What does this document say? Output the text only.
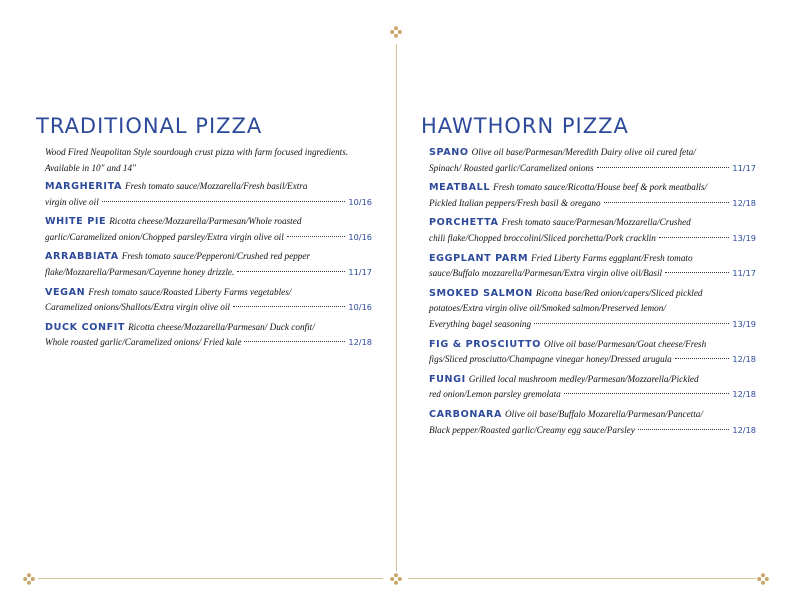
TRADITIONAL PIZZA

Wood Fired Neapolitan Style sourdough crust pizza with farm focused ingredients. Available in 10" and 14"

MARGHERITA Fresh tomato sauce/Mozzarella/Fresh basil/Extra
virgin olive oil	10/16
WHITE PIE Ricotta cheese/Mozzarella/Parmesan/Whole roasted
garlic/Caramelized onion/Chopped parsley/Extra virgin olive oil	10/16
ARRABBIATA Fresh tomato sauce/Pepperoni/Crushed red pepper
flake/Mozzarella/Parmesan/Cayenne honey drizzle.	11/17
VEGAN Fresh tomato sauce/Roasted Liberty Farms vegetables/
Caramelized onions/Shallots/Extra virgin olive oil	10/16
DUCK CONFIT Ricotta cheese/Mozzarella/Parmesan/ Duck confit/
Whole roasted garlic/Caramelized onions/ Fried kale	12/18
HAWTHORN PIZZA
SPANO Olive oil base/Parmesan/Meredith Dairy olive oil cured feta/
Spinach/ Roasted garlic/Caramelized onions	11/17
MEATBALL Fresh tomato sauce/Ricotta/House beef & pork meatballs/
Pickled Italian peppers/Fresh basil & oregano	12/18
PORCHETTA Fresh tomato sauce/Parmesan/Mozzarella/Crushed
chili flake/Chopped broccolini/Sliced porchetta/Pork cracklin	13/19
EGGPLANT PARM Fried Liberty Farms eggplant/Fresh tomato
sauce/Buffalo mozzarella/Parmesan/Extra virgin olive oil/Basil	11/17
SMOKED SALMON Ricotta base/Red onion/capers/Sliced pickled
potatoes/Extra virgin olive oil/Smoked salmon/Preserved lemon/
Everything bagel seasoning	13/19
FIG & PROSCIUTTO Olive oil base/Parmesan/Goat cheese/Fresh
figs/Sliced prosciutto/Champagne vinegar honey/Dressed arugula	12/18
FUNGI Grilled local mushroom medley/Parmesan/Mozzarella/Pickled
red onion/Lemon parsley gremolata	12/18
CARBONARA Olive oil base/Buffalo Mozarella/Parmesan/Pancetta/
Black pepper/Roasted garlic/Creamy egg sauce/Parsley	12/18
